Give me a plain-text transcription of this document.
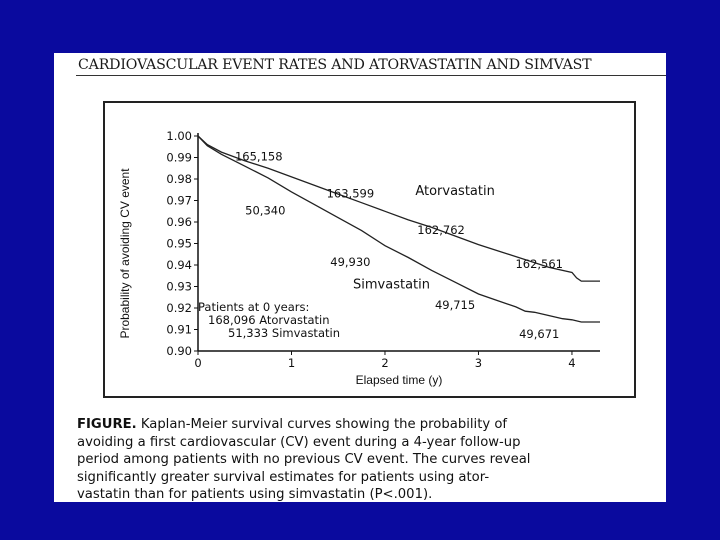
CARDIOVASCULAR EVENT RATES AND ATORVASTATIN AND SIMVAST
1.00
0.99
0.98
0.97
0.96
0.95
0.94
0.93
0.92
0.91
0.90
0	1	2	3	4
Elapsed time (y)
Probability of avoiding CV event	Atorvastatin
Simvastatin
165,158
163,599
162,762
162,561
50,340
49,930
49,715
49,671
Patients at 0 years:
168,096 Atorvastatin
51,333 Simvastatin
FIGURE. Kaplan-Meier survival curves showing the probability of
avoiding a first cardiovascular (CV) event during a 4-year follow-up
period among patients with no previous CV event. The curves reveal
significantly greater survival estimates for patients using ator-
vastatin than for patients using simvastatin (P<.001).
